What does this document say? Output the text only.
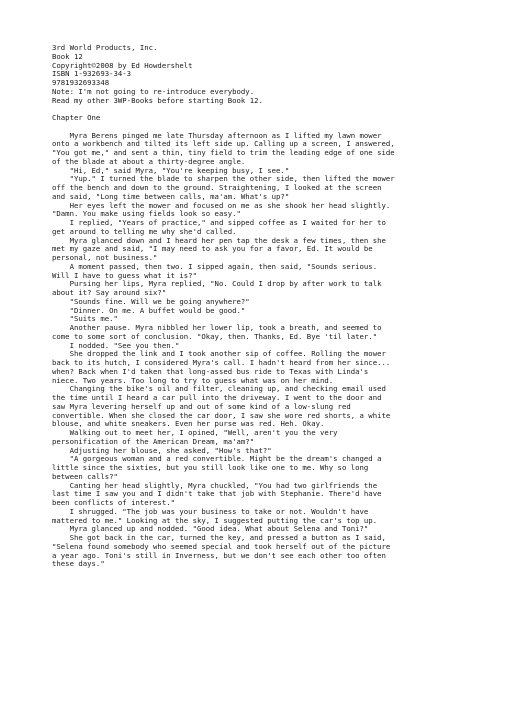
3rd World Products, Inc.
Book 12
Copyright©2008 by Ed Howdershelt
ISBN 1-932693-34-3
9781932693348
Note: I'm not going to re-introduce everybody.
Read my other 3WP-Books before starting Book 12.
Chapter One
Myra Berens pinged me late Thursday afternoon as I lifted my lawn mower
onto a workbench and tilted its left side up. Calling up a screen, I answered,
"You got me," and sent a thin, tiny field to trim the leading edge of one side
of the blade at about a thirty-degree angle.
"Hi, Ed," said Myra, "You're keeping busy, I see."
"Yup." I turned the blade to sharpen the other side, then lifted the mower
off the bench and down to the ground. Straightening, I looked at the screen
and said, "Long time between calls, ma'am. What's up?"
Her eyes left the mower and focused on me as she shook her head slightly.
"Damn. You make using fields look so easy."
I replied, "Years of practice," and sipped coffee as I waited for her to
get around to telling me why she'd called.
Myra glanced down and I heard her pen tap the desk a few times, then she
met my gaze and said, "I may need to ask you for a favor, Ed. It would be
personal, not business."
A moment passed, then two. I sipped again, then said, "Sounds serious.
Will I have to guess what it is?"
Pursing her lips, Myra replied, "No. Could I drop by after work to talk
about it? Say around six?"
"Sounds fine. Will we be going anywhere?"
"Dinner. On me. A buffet would be good."
"Suits me."
Another pause. Myra nibbled her lower lip, took a breath, and seemed to
come to some sort of conclusion. "Okay, then. Thanks, Ed. Bye 'til later."
I nodded. "See you then."
She dropped the link and I took another sip of coffee. Rolling the mower
back to its hutch, I considered Myra's call. I hadn't heard from her since...
when? Back when I'd taken that long-assed bus ride to Texas with Linda's
niece. Two years. Too long to try to guess what was on her mind.
Changing the bike's oil and filter, cleaning up, and checking email used
the time until I heard a car pull into the driveway. I went to the door and
saw Myra levering herself up and out of some kind of a low-slung red
convertible. When she closed the car door, I saw she wore red shorts, a white
blouse, and white sneakers. Even her purse was red. Heh. Okay.
Walking out to meet her, I opined, "Well, aren't you the very
personification of the American Dream, ma'am?"
Adjusting her blouse, she asked, "How's that?"
"A gorgeous woman and a red convertible. Might be the dream's changed a
little since the sixties, but you still look like one to me. Why so long
between calls?"
Canting her head slightly, Myra chuckled, "You had two girlfriends the
last time I saw you and I didn't take that job with Stephanie. There'd have
been conflicts of interest."
I shrugged. "The job was your business to take or not. Wouldn't have
mattered to me." Looking at the sky, I suggested putting the car's top up.
Myra glanced up and nodded. "Good idea. What about Selena and Toni?"
She got back in the car, turned the key, and pressed a button as I said,
"Selena found somebody who seemed special and took herself out of the picture
a year ago. Toni's still in Inverness, but we don't see each other too often
these days."
